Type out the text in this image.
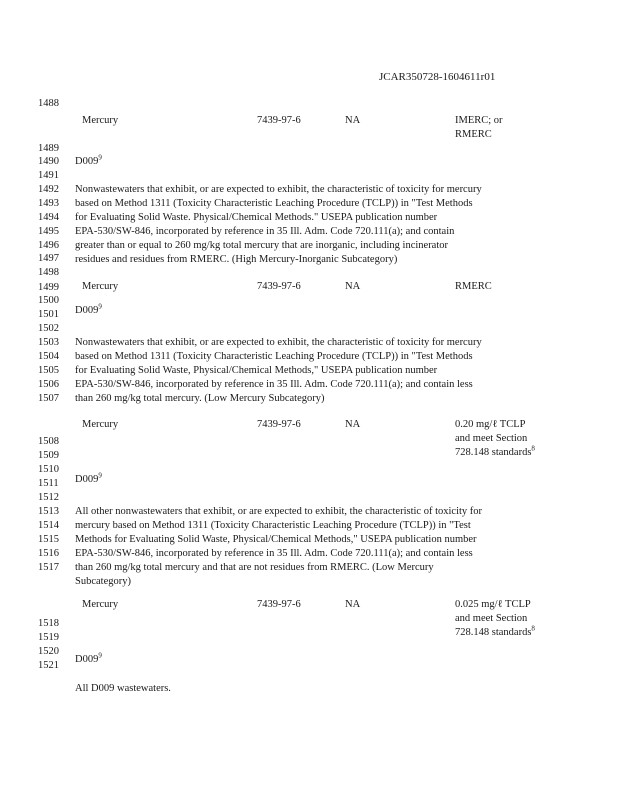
JCAR350728-1604611r01
1488
1489
1490
1491
1492
1493
1494
1495
1496
1497
1498
1499
1500
1501
1502
1503
1504
1505
1506
1507
1508
1509
1510
1511
1512
1513
1514
1515
1516
1517
1518
1519
1520
1521
Mercury	7439-97-6	NA	IMERC; or
RMERC
$D009^9$
Nonwastewaters that exhibit, or are expected to exhibit, the characteristic of toxicity for mercury
based on Method 1311 (Toxicity Characteristic Leaching Procedure (TCLP)) in "Test Methods
for Evaluating Solid Waste. Physical/Chemical Methods." USEPA publication number
EPA-530/SW-846, incorporated by reference in 35 Ill. Adm. Code 720.111(a); and contain
greater than or equal to 260 mg/kg total mercury that are inorganic, including incinerator
residues and residues from RMERC. (High Mercury-Inorganic Subcategory)
Mercury	7439-97-6	NA	RMERC
$D009^9$
Nonwastewaters that exhibit, or are expected to exhibit, the characteristic of toxicity for mercury
based on Method 1311 (Toxicity Characteristic Leaching Procedure (TCLP)) in "Test Methods
for Evaluating Solid Waste, Physical/Chemical Methods," USEPA publication number
EPA-530/SW-846, incorporated by reference in 35 Ill. Adm. Code 720.111(a); and contain less
than 260 mg/kg total mercury. (Low Mercury Subcategory)
Mercury	7439-97-6	NA	0.20 mg/ℓ TCLP
and meet Section
728.148 standards$^8$
$D009^9$
All other nonwastewaters that exhibit, or are expected to exhibit, the characteristic of toxicity for
mercury based on Method 1311 (Toxicity Characteristic Leaching Procedure (TCLP)) in "Test
Methods for Evaluating Solid Waste, Physical/Chemical Methods," USEPA publication number
EPA-530/SW-846, incorporated by reference in 35 Ill. Adm. Code 720.111(a); and contain less
than 260 mg/kg total mercury and that are not residues from RMERC. (Low Mercury
Subcategory)
Mercury	7439-97-6	NA	0.025 mg/ℓ TCLP
and meet Section
728.148 standards$^8$
$D009^9$
All D009 wastewaters.
